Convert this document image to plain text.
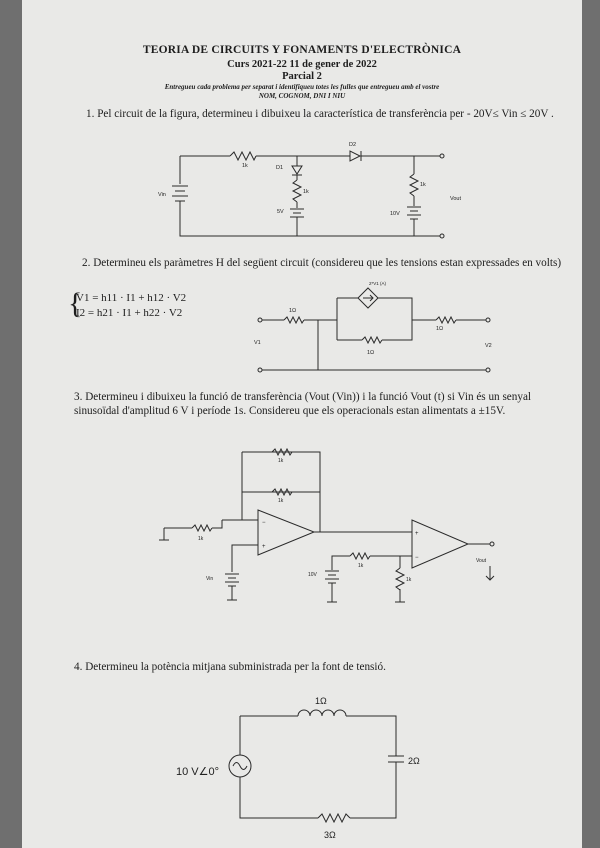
TEORIA DE CIRCUITS Y FONAMENTS D'ELECTRÒNICA

Curs 2021-22 11 de gener de 2022

Parcial 2

Entregueu cada problema per separat i identifiqueu totes les fulles que entregueu amb el vostre

NOM, COGNOM, DNI I NIU

1. Pel circuit de la figura, determineu i dibuixeu la característica de transferència per - 20V≤ Vin ≤ 20V .

2. Determineu els paràmetres H del següent circuit (considereu que les tensions estan expressades en volts)

{
V1 = h11 · I1 + h12 · V2
I2 = h21 · I1 + h22 · V2

3. Determineu i dibuixeu la funció de transferència (Vout (Vin)) i la funció Vout (t) si Vin és un senyal sinusoïdal d'amplitud 6 V i període 1s. Considereu que els operacionals estan alimentats a ±15V.

4. Determineu la potència mitjana subministrada per la font de tensió.

Vin
1k	D1
D2
1k
5V
1k
10V
Vout
2*V1 (A)
1Ω
1Ω
1Ω
V1	V2
1k
1k
1k
Vin
10V
1k
1k
Vout
−
+
+
−
1Ω
2Ω
3Ω
10 V∠0°
